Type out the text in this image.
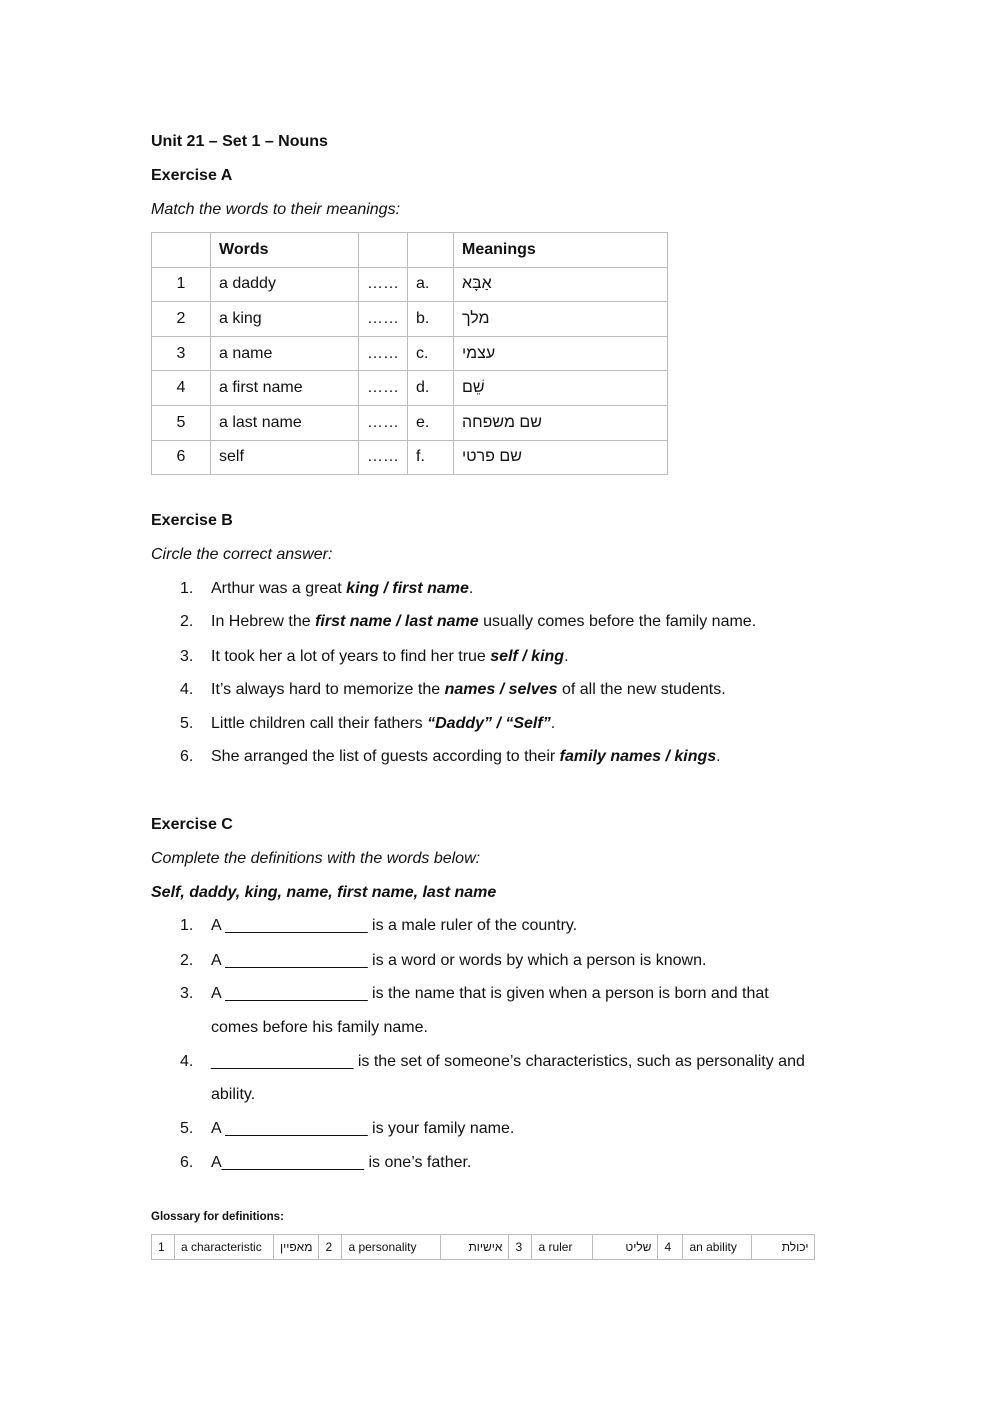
Unit 21 – Set 1 – Nouns
Exercise A
Match the words to their meanings:
	Words			Meanings
1	a daddy	……	a.	אַבָּא
2	a king	……	b.	מלך
3	a name	……	c.	עצמי
4	a first name	……	d.	שֵׁם
5	a last name	……	e.	שם משפחה
6	self	……	f.	שם פרטי
Exercise B
Circle the correct answer:
1. Arthur was a great king / first name.
2. In Hebrew the first name / last name usually comes before the family name.
3. It took her a lot of years to find her true self / king.
4. It’s always hard to memorize the names / selves of all the new students.
5. Little children call their fathers “Daddy” / “Self”.
6. She arranged the list of guests according to their family names / kings.
Exercise C
Complete the definitions with the words below:
Self, daddy, king, name, first name, last name
1. A ________________ is a male ruler of the country.
2. A ________________ is a word or words by which a person is known.
3. A ________________ is the name that is given when a person is born and that
comes before his family name.
4. ________________ is the set of someone’s characteristics, such as personality and
ability.
5. A ________________ is your family name.
6. A________________ is one’s father.
Glossary for definitions:
1	a characteristic	מאפיין	2	a personality	אישיות	3	a ruler	שליט	4	an ability	יכולת
